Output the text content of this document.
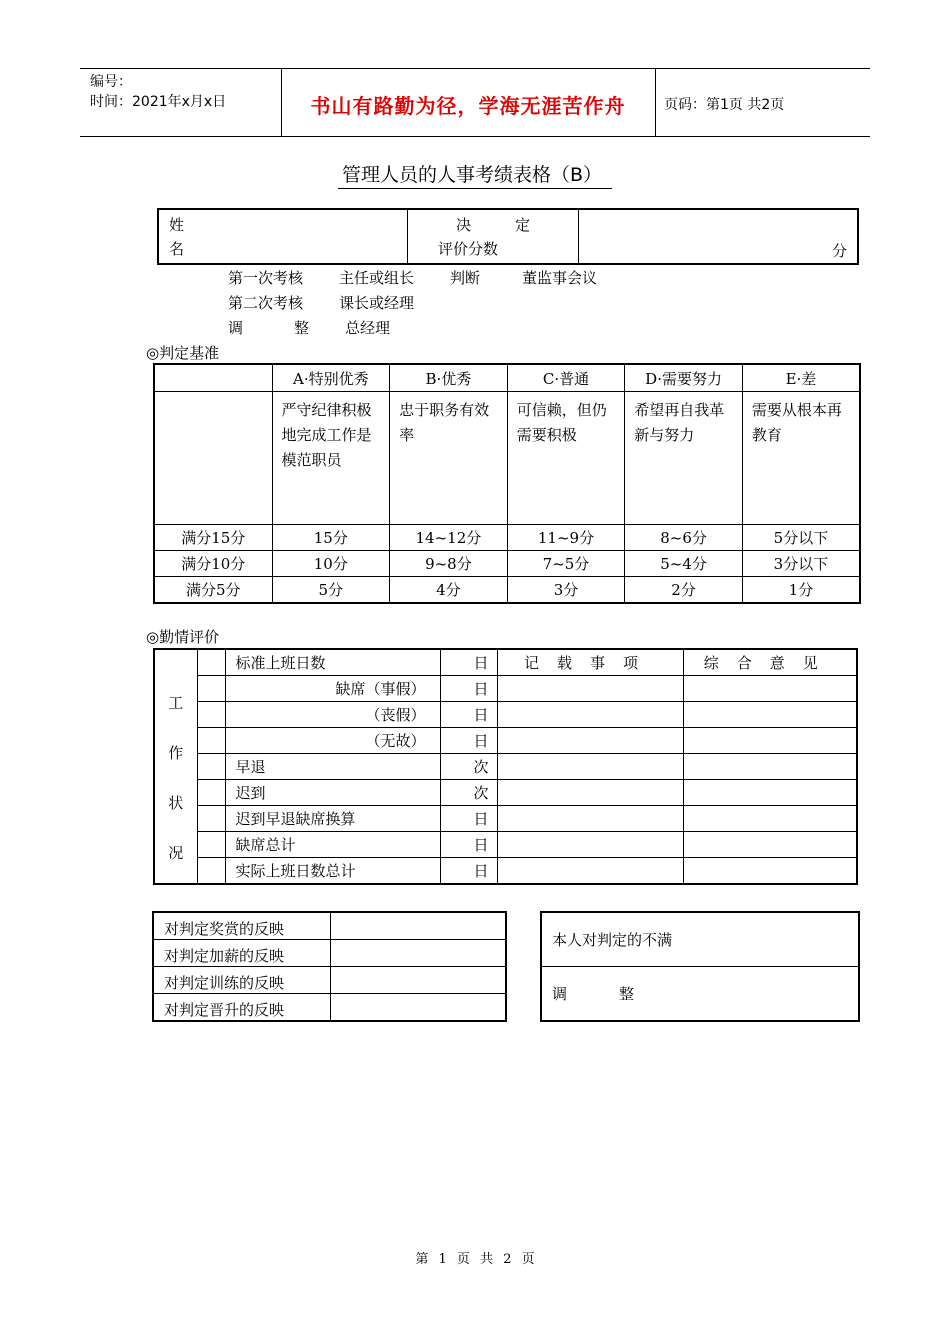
编号：
时间：2021年x月x日	书山有路勤为径，学海无涯苦作舟	页码：第1页 共2页
管理人员的人事考绩表格（B）
姓
名

决	定
评价分数	分
第一次考核 主任或组长 判断	董监事会议
第二次考核 课长或经理
调	整 总经理
◎判定基准
	A·特别优秀	B·优秀	C·普通	D·需要努力	E·差
	严守纪律积极地完成工作是模范职员	忠于职务有效率	可信赖，但仍需要积极	希望再自我革新与努力	需要从根本再教育
满分15分	15分	14~12分	11~9分	8~6分	5分以下
满分10分	10分	9~8分	7~5分	5~4分	3分以下
满分5分	5分	4分	3分	2分	1分
◎勤情评价
工
作
状
况		标准上班日数	日	记载事项	综合意见
		缺席（事假）	日		
		（丧假）	日		
		（无故）	日		
		早退	次		
		迟到	次		
		迟到早退缺席换算	日		
		缺席总计	日		
		实际上班日数总计	日		
对判定奖赏的反映	
对判定加薪的反映	
对判定训练的反映	
对判定晋升的反映	
本人对判定的不满
调	整
第 1 页 共 2 页
